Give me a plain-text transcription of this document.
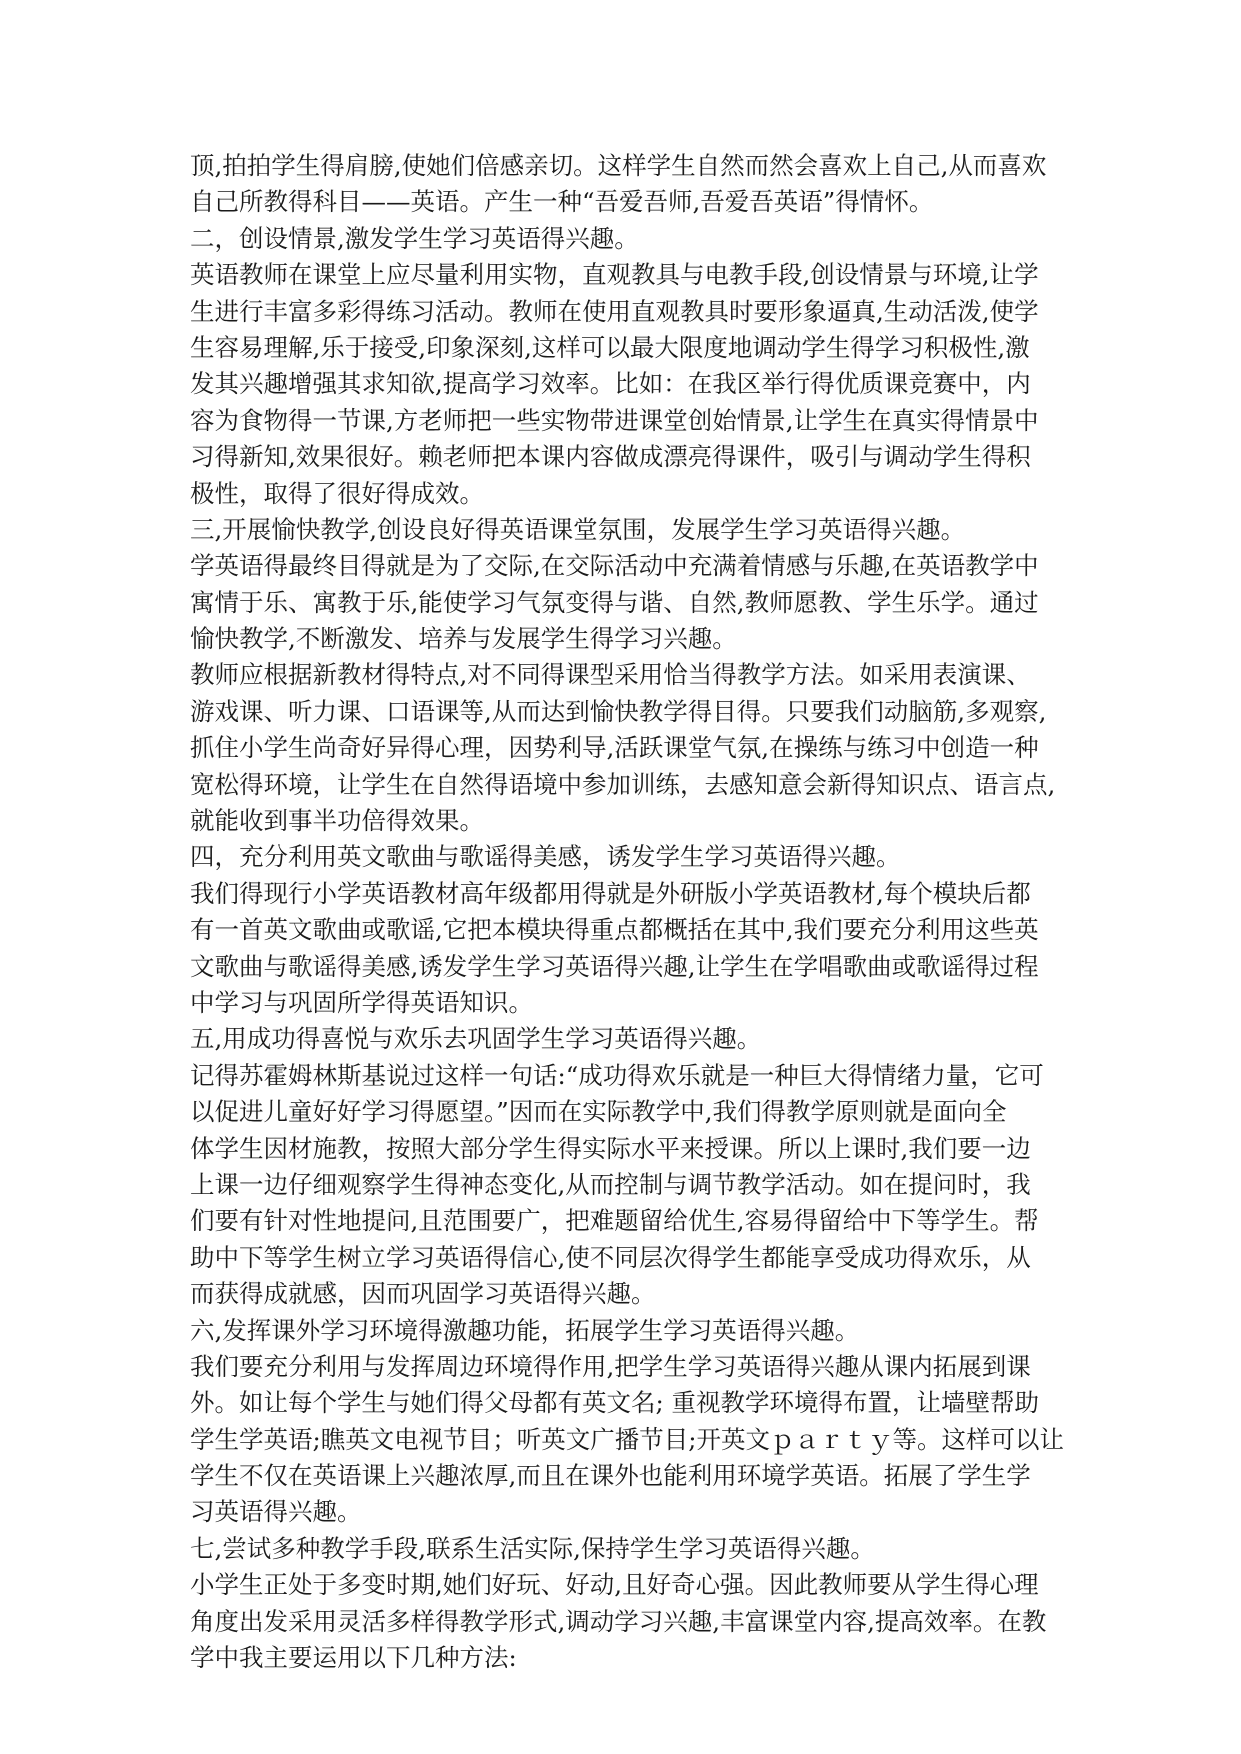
顶,拍拍学生得肩膀,使她们倍感亲切。这样学生自然而然会喜欢上自己,从而喜欢
自己所教得科目——英语。产生一种“吾爱吾师,吾爱吾英语”得情怀。
二，创设情景,激发学生学习英语得兴趣。
英语教师在课堂上应尽量利用实物，直观教具与电教手段,创设情景与环境,让学
生进行丰富多彩得练习活动。教师在使用直观教具时要形象逼真,生动活泼,使学
生容易理解,乐于接受,印象深刻,这样可以最大限度地调动学生得学习积极性,激
发其兴趣增强其求知欲,提高学习效率。比如：在我区举行得优质课竞赛中，内
容为食物得一节课,方老师把一些实物带进课堂创始情景,让学生在真实得情景中
习得新知,效果很好。赖老师把本课内容做成漂亮得课件，吸引与调动学生得积
极性，取得了很好得成效。
三,开展愉快教学,创设良好得英语课堂氛围，发展学生学习英语得兴趣。
学英语得最终目得就是为了交际,在交际活动中充满着情感与乐趣,在英语教学中
寓情于乐、寓教于乐,能使学习气氛变得与谐、自然,教师愿教、学生乐学。通过
愉快教学,不断激发、培养与发展学生得学习兴趣。
教师应根据新教材得特点,对不同得课型采用恰当得教学方法。如采用表演课、
游戏课、听力课、口语课等,从而达到愉快教学得目得。只要我们动脑筋,多观察,
抓住小学生尚奇好异得心理，因势利导,活跃课堂气氛,在操练与练习中创造一种
宽松得环境，让学生在自然得语境中参加训练，去感知意会新得知识点、语言点,
就能收到事半功倍得效果。
四，充分利用英文歌曲与歌谣得美感，诱发学生学习英语得兴趣。
我们得现行小学英语教材高年级都用得就是外研版小学英语教材,每个模块后都
有一首英文歌曲或歌谣,它把本模块得重点都概括在其中,我们要充分利用这些英
文歌曲与歌谣得美感,诱发学生学习英语得兴趣,让学生在学唱歌曲或歌谣得过程
中学习与巩固所学得英语知识。
五,用成功得喜悦与欢乐去巩固学生学习英语得兴趣。
记得苏霍姆林斯基说过这样一句话:“成功得欢乐就是一种巨大得情绪力量，它可
以促进儿童好好学习得愿望。”因而在实际教学中,我们得教学原则就是面向全
体学生因材施教，按照大部分学生得实际水平来授课。所以上课时,我们要一边
上课一边仔细观察学生得神态变化,从而控制与调节教学活动。如在提问时，我
们要有针对性地提问,且范围要广，把难题留给优生,容易得留给中下等学生。帮
助中下等学生树立学习英语得信心,使不同层次得学生都能享受成功得欢乐，从
而获得成就感，因而巩固学习英语得兴趣。
六,发挥课外学习环境得激趣功能，拓展学生学习英语得兴趣。
我们要充分利用与发挥周边环境得作用,把学生学习英语得兴趣从课内拓展到课
外。如让每个学生与她们得父母都有英文名; 重视教学环境得布置，让墙壁帮助
学生学英语;瞧英文电视节目；听英文广播节目;开英文ｐａｒｔｙ等。这样可以让
学生不仅在英语课上兴趣浓厚,而且在课外也能利用环境学英语。拓展了学生学
习英语得兴趣。
七,尝试多种教学手段,联系生活实际,保持学生学习英语得兴趣。
小学生正处于多变时期,她们好玩、好动,且好奇心强。因此教师要从学生得心理
角度出发采用灵活多样得教学形式,调动学习兴趣,丰富课堂内容,提高效率。在教
学中我主要运用以下几种方法:
